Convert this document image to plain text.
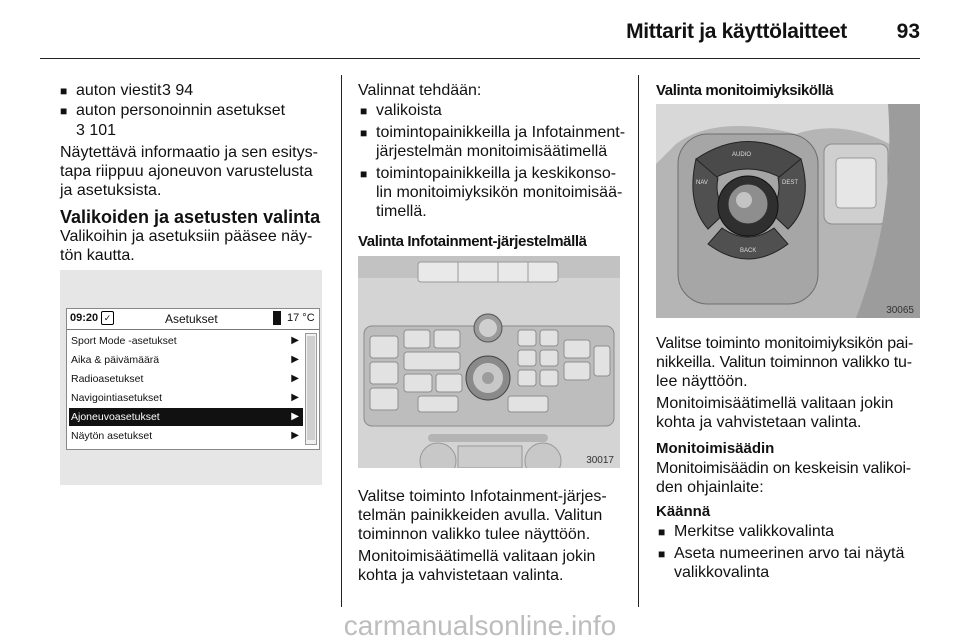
Mittarit ja käyttölaitteet 93
■ auton viestit 3 94
■ auton personoinnin asetukset
3 101
Näytettävä informaatio ja sen esitys-
tapa riippuu ajoneuvon varustelusta
ja asetuksista.
Valikoiden ja asetusten valinta
Valikoihin ja asetuksiin pääsee näy-
tön kautta.
09:20 ✓	Asetukset	17 °C
Sport Mode -asetukset	▶
Aika & päivämäärä	▶
Radioasetukset	▶
Navigointiasetukset	▶
Ajoneuvoasetukset	▶
Näytön asetukset	▶
Valinnat tehdään:
■ valikoista
■ toimintopainikkeilla ja Infotainment-
järjestelmän monitoimisäätimellä
■ toimintopainikkeilla ja keskikonso-
lin monitoimiyksikön monitoimisää-
timellä.
Valinta Infotainment-järjestelmällä
30017
Valitse toiminto Infotainment-järjes-
telmän painikkeiden avulla. Valitun
toiminnon valikko tulee näyttöön.
Monitoimisäätimellä valitaan jokin
kohta ja vahvistetaan valinta.
Valinta monitoimiyksiköllä
AUDIO
NAV	DEST
BACK
30065
Valitse toiminto monitoimiyksikön pai-
nikkeilla. Valitun toiminnon valikko tu-
lee näyttöön.
Monitoimisäätimellä valitaan jokin
kohta ja vahvistetaan valinta.
Monitoimisäädin
Monitoimisäädin on keskeisin valikoi-
den ohjainlaite:
Käännä
■ Merkitse valikkovalinta
■ Aseta numeerinen arvo tai näytä
valikkovalinta
carmanualsonline.info
